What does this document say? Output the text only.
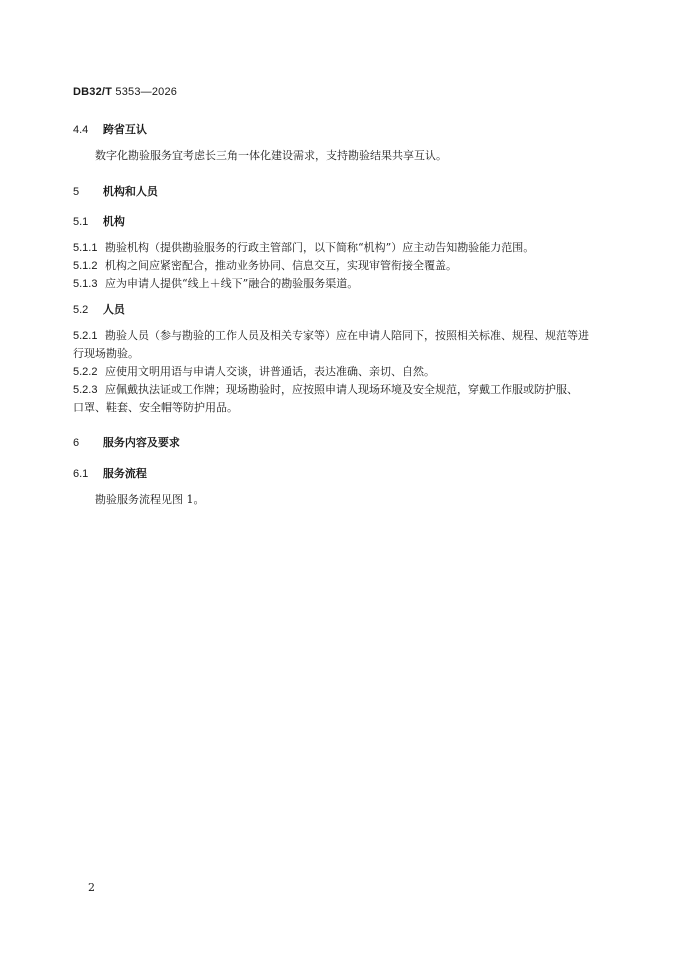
DB32/T 5353—2026
4.4 跨省互认
数字化勘验服务宜考虑长三角一体化建设需求，支持勘验结果共享互认。
5 机构和人员
5.1 机构
5.1.1 勘验机构（提供勘验服务的行政主管部门，以下简称“机构”）应主动告知勘验能力范围。
5.1.2 机构之间应紧密配合，推动业务协同、信息交互，实现审管衔接全覆盖。
5.1.3 应为申请人提供“线上＋线下”融合的勘验服务渠道。
5.2 人员
5.2.1 勘验人员（参与勘验的工作人员及相关专家等）应在申请人陪同下，按照相关标准、规程、规范等进
行现场勘验。
5.2.2 应使用文明用语与申请人交谈，讲普通话，表达准确、亲切、自然。
5.2.3 应佩戴执法证或工作牌；现场勘验时，应按照申请人现场环境及安全规范，穿戴工作服或防护服、
口罩、鞋套、安全帽等防护用品。
6 服务内容及要求
6.1 服务流程
勘验服务流程见图 1。
2
